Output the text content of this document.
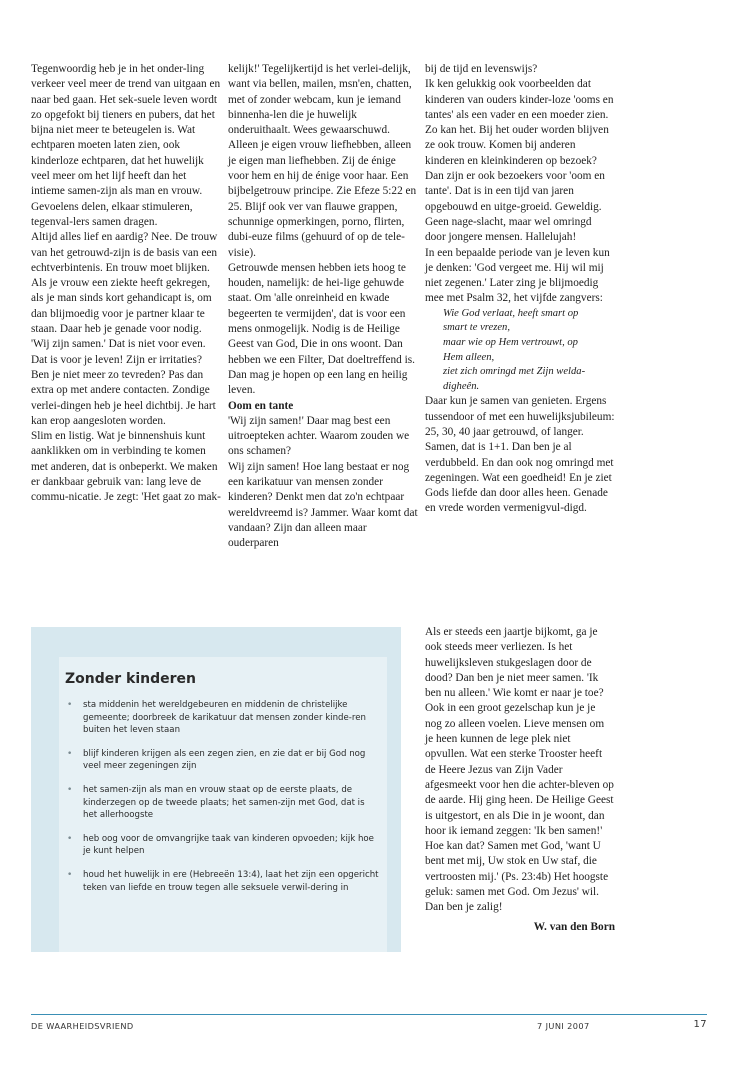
Tegenwoordig heb je in het onder-ling verkeer veel meer de trend van uitgaan en naar bed gaan. Het sek-suele leven wordt zo opgefokt bij tieners en pubers, dat het bijna niet meer te beteugelen is. Wat echtparen moeten laten zien, ook kinderloze echtparen, dat het huwelijk veel meer om het lijf heeft dan het intieme samen-zijn als man en vrouw. Gevoelens delen, elkaar stimuleren, tegenval-lers samen dragen.

Altijd alles lief en aardig? Nee. De trouw van het getrouwd-zijn is de basis van een echtverbintenis. En trouw moet blijken. Als je vrouw een ziekte heeft gekregen, als je man sinds kort gehandicapt is, om dan blijmoedig voor je partner klaar te staan. Daar heb je genade voor nodig.

'Wij zijn samen.' Dat is niet voor even. Dat is voor je leven! Zijn er irritaties? Ben je niet meer zo tevreden? Pas dan extra op met andere contacten. Zondige verlei-dingen heb je heel dichtbij. Je hart kan erop aangesloten worden.

Slim en listig. Wat je binnenshuis kunt aanklikken om in verbinding te komen met anderen, dat is onbeperkt. We maken er dankbaar gebruik van: lang leve de commu-nicatie. Je zegt: 'Het gaat zo mak-

kelijk!' Tegelijkertijd is het verlei-delijk, want via bellen, mailen, msn'en, chatten, met of zonder webcam, kun je iemand binnenha-len die je huwelijk onderuithaalt. Wees gewaarschuwd. Alleen je eigen vrouw liefhebben, alleen je eigen man liefhebben. Zij de énige voor hem en hij de énige voor haar. Een bijbelgetrouw principe. Zie Efeze 5:22 en 25. Blijf ook ver van flauwe grappen, schunnige opmerkingen, porno, flirten, dubi-euze films (gehuurd of op de tele-visie).

Getrouwde mensen hebben iets hoog te houden, namelijk: de hei-lige gehuwde staat. Om 'alle onreinheid en kwade begeerten te vermijden', dat is voor een mens onmogelijk. Nodig is de Heilige Geest van God, Die in ons woont. Dan hebben we een Filter, Dat doeltreffend is. Dan mag je hopen op een lang en heilig leven.

Oom en tante

'Wij zijn samen!' Daar mag best een uitroepteken achter. Waarom zouden we ons schamen?

Wij zijn samen! Hoe lang bestaat er nog een karikatuur van mensen zonder kinderen? Denkt men dat zo'n echtpaar wereldvreemd is? Jammer. Waar komt dat vandaan? Zijn dan alleen maar ouderparen

bij de tijd en levenswijs?

Ik ken gelukkig ook voorbeelden dat kinderen van ouders kinder-loze 'ooms en tantes' als een vader en een moeder zien. Zo kan het. Bij het ouder worden blijven ze ook trouw. Komen bij anderen kinderen en kleinkinderen op bezoek? Dan zijn er ook bezoekers voor 'oom en tante'. Dat is in een tijd van jaren opgebouwd en uitge-groeid. Geweldig. Geen nage-slacht, maar wel omringd door jongere mensen. Hallelujah!

In een bepaalde periode van je leven kun je denken: 'God vergeet me. Hij wil mij niet zegenen.' Later zing je blijmoedig mee met Psalm 32, het vijfde zangvers:

Wie God verlaat, heeft smart op
smart te vrezen,
maar wie op Hem vertrouwt, op
Hem alleen,
ziet zich omringd met Zijn welda-
digheên.

Daar kun je samen van genieten. Ergens tussendoor of met een huwelijksjubileum: 25, 30, 40 jaar getrouwd, of langer. Samen, dat is 1+1. Dan ben je al verdubbeld. En dan ook nog omringd met zegeningen. Wat een goedheid! En je ziet Gods liefde dan door alles heen. Genade en vrede worden vermenigvul-digd.

Als er steeds een jaartje bijkomt, ga je ook steeds meer verliezen. Is het huwelijksleven stukgeslagen door de dood? Dan ben je niet meer samen. 'Ik ben nu alleen.' Wie komt er naar je toe? Ook in een groot gezelschap kun je je nog zo alleen voelen. Lieve mensen om je heen kunnen de lege plek niet opvullen. Wat een sterke Trooster heeft de Heere Jezus van Zijn Vader afgesmeekt voor hen die achter-bleven op de aarde. Hij ging heen. De Heilige Geest is uitgestort, en als Die in je woont, dan hoor ik iemand zeggen: 'Ik ben samen!' Hoe kan dat? Samen met God, 'want U bent met mij, Uw stok en Uw staf, die vertroosten mij.' (Ps. 23:4b) Het hoogste geluk: samen met God. Om Jezus' wil. Dan ben je zalig!

W. van den Born

Zonder kinderen
• sta middenin het wereldgebeuren en middenin de christelijke gemeente; doorbreek de karikatuur dat mensen zonder kinde-ren buiten het leven staan
• blijf kinderen krijgen als een zegen zien, en zie dat er bij God nog veel meer zegeningen zijn
• het samen-zijn als man en vrouw staat op de eerste plaats, de kinderzegen op de tweede plaats; het samen-zijn met God, dat is het allerhoogste
• heb oog voor de omvangrijke taak van kinderen opvoeden; kijk hoe je kunt helpen
• houd het huwelijk in ere (Hebreeën 13:4), laat het zijn een opgericht teken van liefde en trouw tegen alle seksuele verwil-dering in
DE WAARHEIDSVRIEND	7 JUNI 2007	17
